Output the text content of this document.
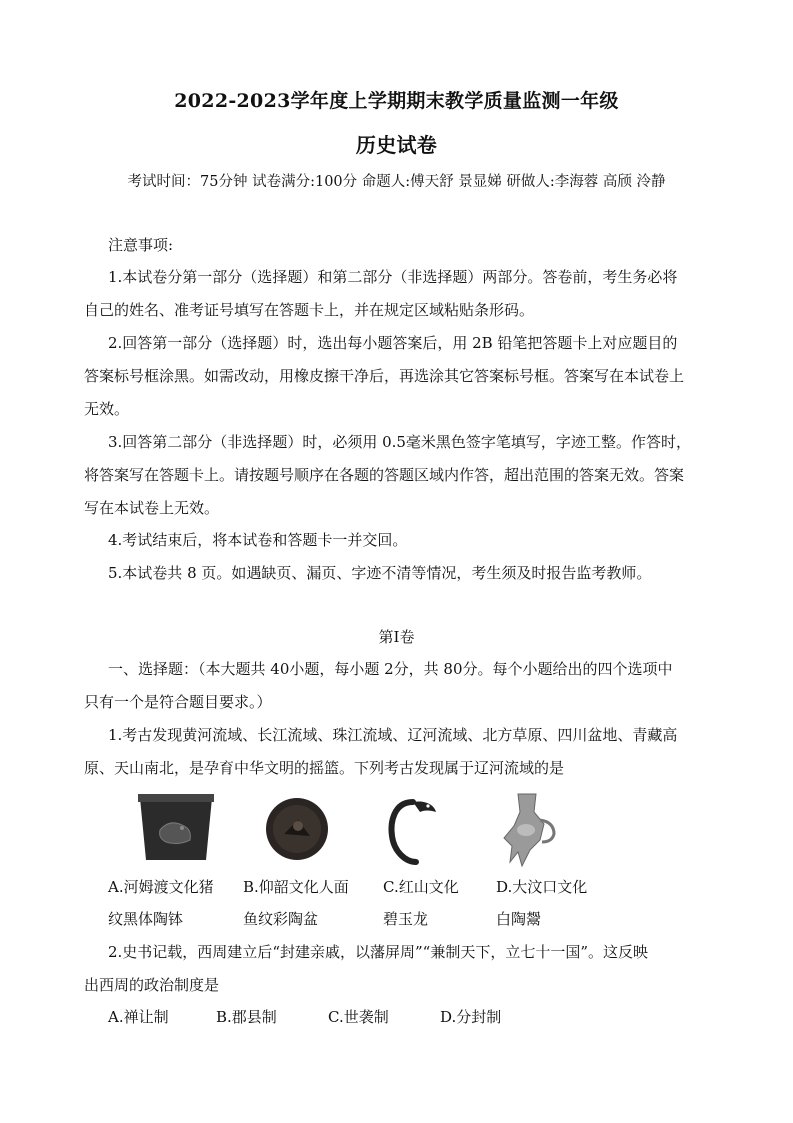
2022-2023学年度上学期期末教学质量监测一年级
历史试卷
考试时间：75分钟 试卷满分:100分 命题人:傅天舒 景显娣 研做人:李海蓉 高颀 泠静
注意事项:
1.本试卷分第一部分（选择题）和第二部分（非选择题）两部分。答卷前，考生务必将
自己的姓名、准考证号填写在答题卡上，并在规定区域粘贴条形码。
2.回答第一部分（选择题）时，选出每小题答案后，用 2B 铅笔把答题卡上对应题目的
答案标号框涂黑。如需改动，用橡皮擦干净后，再选涂其它答案标号框。答案写在本试卷上
无效。
3.回答第二部分（非选择题）时，必须用 0.5毫米黑色签字笔填写，字迹工整。作答时，
将答案写在答题卡上。请按题号顺序在各题的答题区域内作答，超出范围的答案无效。答案
写在本试卷上无效。
4.考试结束后，将本试卷和答题卡一并交回。
5.本试卷共 8 页。如遇缺页、漏页、字迹不清等情况，考生须及时报告监考教师。
第Ⅰ卷
一、选择题：（本大题共 40小题，每小题 2分，共 80分。每个小题给出的四个选项中
只有一个是符合题目要求。）
1.考古发现黄河流域、长江流域、珠江流域、辽河流域、北方草原、四川盆地、青藏高
原、天山南北，是孕育中华文明的摇篮。下列考古发现属于辽河流域的是
A.河姆渡文化猪 B.仰韶文化人面 C.红山文化 D.大汶口文化
纹黑体陶钵	鱼纹彩陶盆	碧玉龙	白陶鬶
2.史书记载，西周建立后“封建亲戚，以藩屏周”“兼制天下，立七十一国”。这反映
出西周的政治制度是
A.禅让制	B.郡县制	C.世袭制	D.分封制
